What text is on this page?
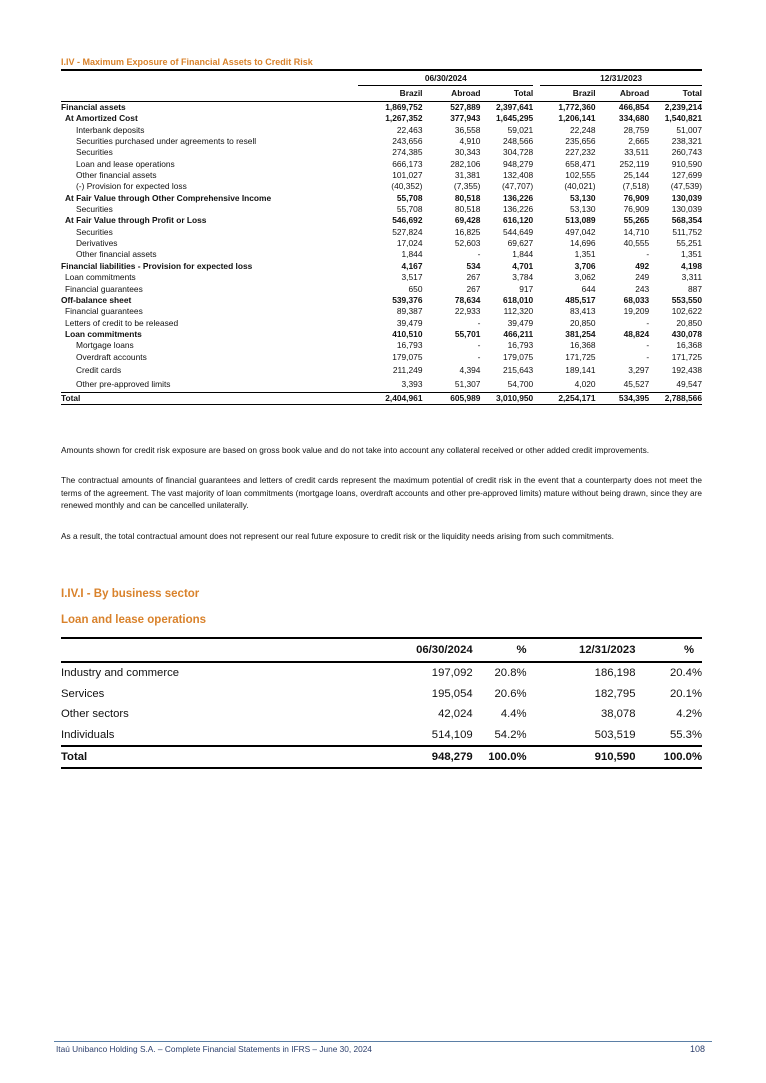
I.IV - Maximum Exposure of Financial Assets to Credit Risk
	06/30/2024				12/31/2023		
	Brazil	Abroad	Total		Brazil	Abroad	Total
Financial assets	1,869,752	527,889	2,397,641		1,772,360	466,854	2,239,214
At Amortized Cost	1,267,352	377,943	1,645,295		1,206,141	334,680	1,540,821
Interbank deposits	22,463	36,558	59,021		22,248	28,759	51,007
Securities purchased under agreements to resell	243,656	4,910	248,566		235,656	2,665	238,321
Securities	274,385	30,343	304,728		227,232	33,511	260,743
Loan and lease operations	666,173	282,106	948,279		658,471	252,119	910,590
Other financial assets	101,027	31,381	132,408		102,555	25,144	127,699
(-) Provision for expected loss	(40,352)	(7,355)	(47,707)		(40,021)	(7,518)	(47,539)
At Fair Value through Other Comprehensive Income	55,708	80,518	136,226		53,130	76,909	130,039
Securities	55,708	80,518	136,226		53,130	76,909	130,039
At Fair Value through Profit or Loss	546,692	69,428	616,120		513,089	55,265	568,354
Securities	527,824	16,825	544,649		497,042	14,710	511,752
Derivatives	17,024	52,603	69,627		14,696	40,555	55,251
Other financial assets	1,844	-	1,844		1,351	-	1,351
Financial liabilities - Provision for expected loss	4,167	534	4,701		3,706	492	4,198
Loan commitments	3,517	267	3,784		3,062	249	3,311
Financial guarantees	650	267	917		644	243	887
Off-balance sheet	539,376	78,634	618,010		485,517	68,033	553,550
Financial guarantees	89,387	22,933	112,320		83,413	19,209	102,622
Letters of credit to be released	39,479	-	39,479		20,850	-	20,850
Loan commitments	410,510	55,701	466,211		381,254	48,824	430,078
Mortgage loans	16,793	-	16,793		16,368	-	16,368
Overdraft accounts	179,075	-	179,075		171,725	-	171,725
Credit cards	211,249	4,394	215,643		189,141	3,297	192,438
Other pre-approved limits	3,393	51,307	54,700		4,020	45,527	49,547
Total	2,404,961	605,989	3,010,950		2,254,171	534,395	2,788,566
Amounts shown for credit risk exposure are based on gross book value and do not take into account any collateral received or other added credit improvements.
The contractual amounts of financial guarantees and letters of credit cards represent the maximum potential of credit risk in the event that a counterparty does not meet the terms of the agreement. The vast majority of loan commitments (mortgage loans, overdraft accounts and other pre-approved limits) mature without being drawn, since they are renewed monthly and can be cancelled unilaterally.
As a result, the total contractual amount does not represent our real future exposure to credit risk or the liquidity needs arising from such commitments.
I.IV.I - By business sector
Loan and lease operations
	06/30/2024	%	12/31/2023	%
Industry and commerce	197,092	20.8%	186,198	20.4%
Services	195,054	20.6%	182,795	20.1%
Other sectors	42,024	4.4%	38,078	4.2%
Individuals	514,109	54.2%	503,519	55.3%
Total	948,279	100.0%	910,590	100.0%
Itaú Unibanco Holding S.A. – Complete Financial Statements in IFRS – June 30, 2024	108
